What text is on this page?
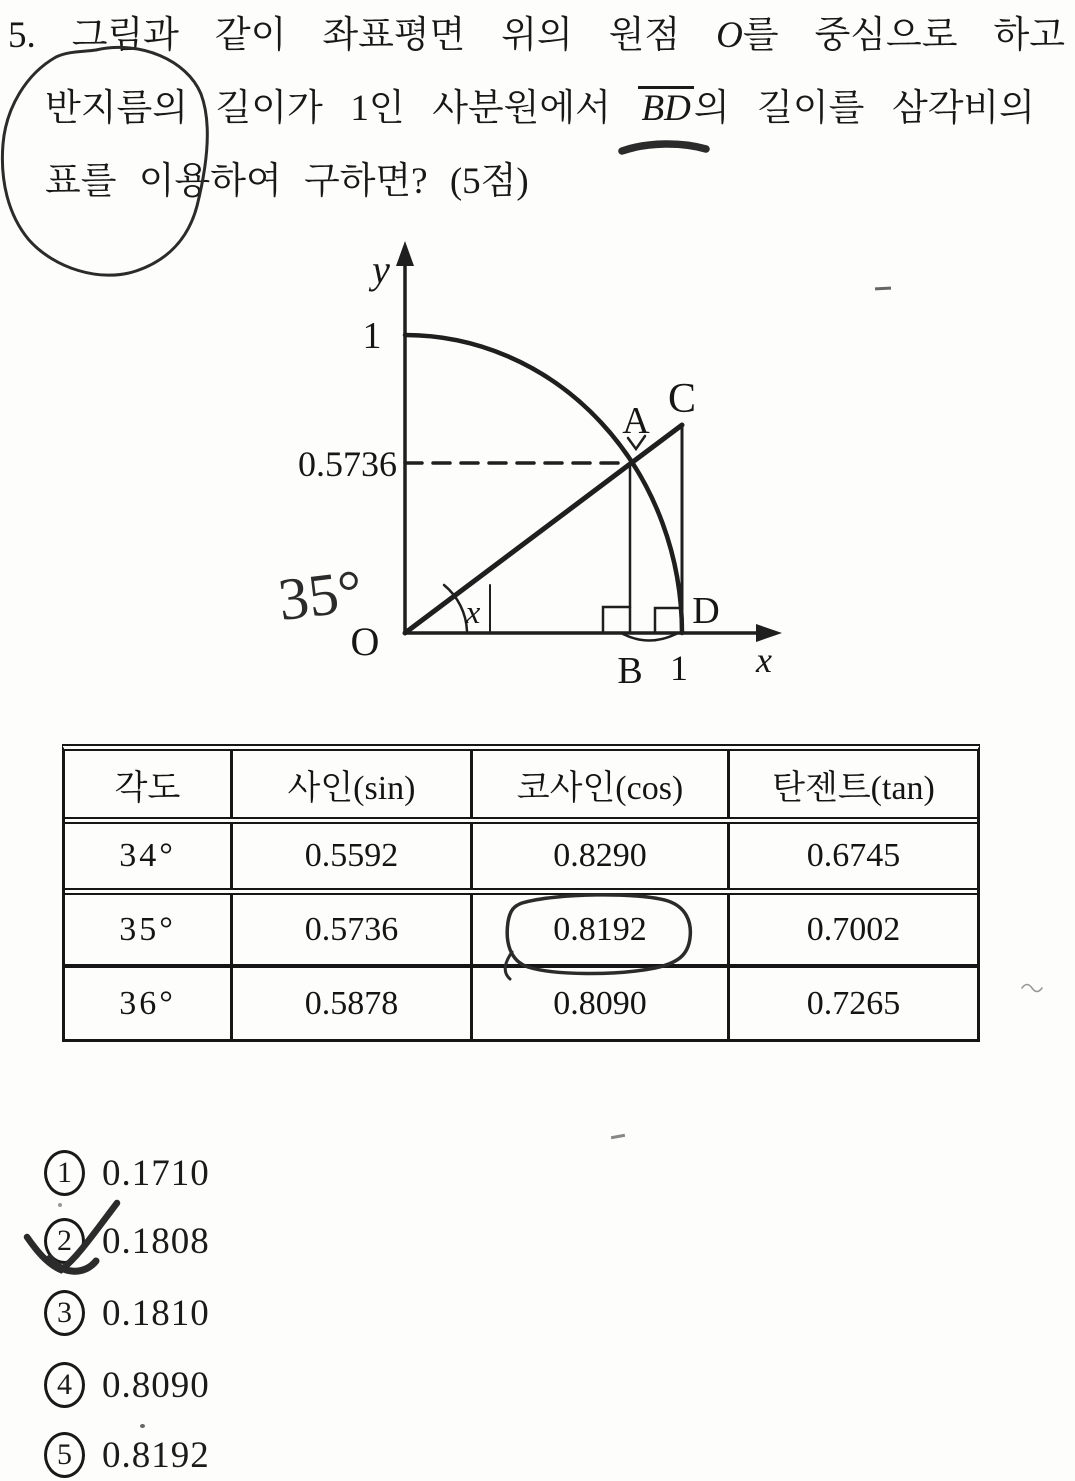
5. 그림과 같이 좌표평면 위의 원점 O를 중심으로 하고
반지름의 길이가 1인 사분원에서 BD의 길이를 삼각비의
표를 이용하여 구하면? (5점)
y
1
0.5736
A C
O
B 1
D
x
x
35°
각도	사인(sin)	코사인(cos)	탄젠트(tan)
34°	0.5592	0.8290	0.6745
35°	0.5736	0.8192	0.7002
36°	0.5878	0.8090	0.7265
1 0.1710
2 0.1808
3 0.1810
4 0.8090
5 0.8192
